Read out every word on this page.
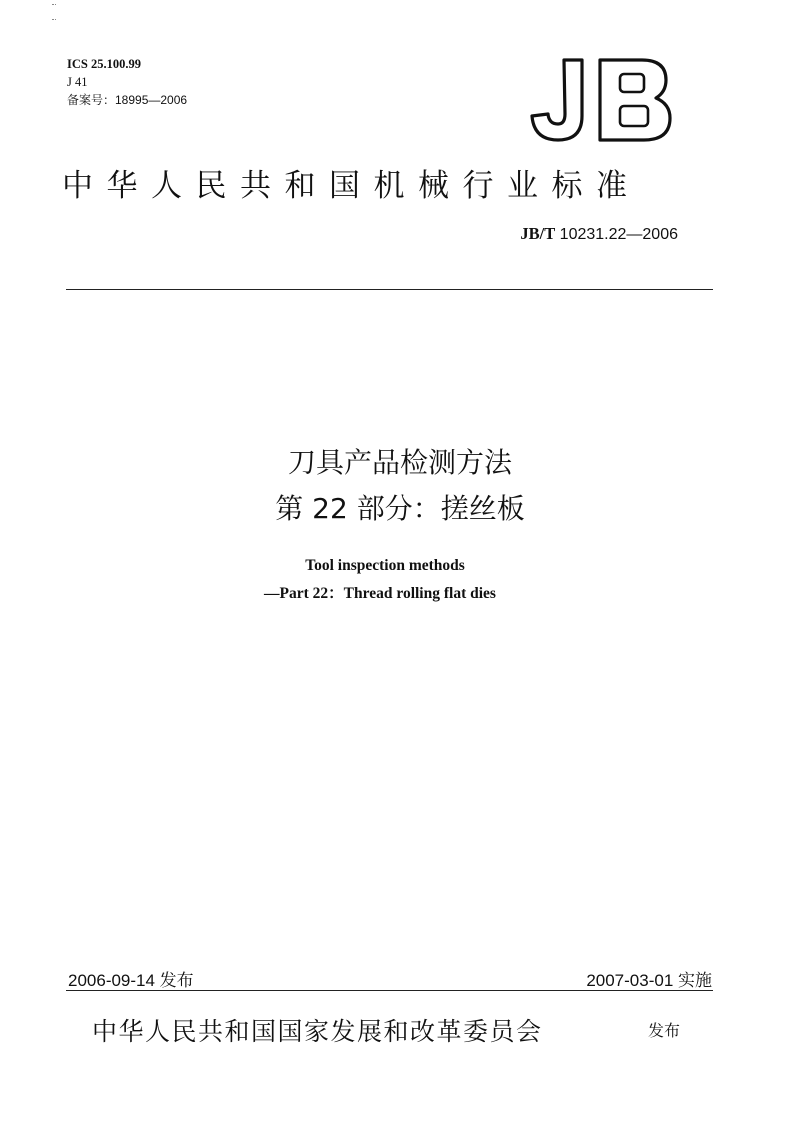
ICS 25.100.99
J 41
备案号：18995—2006
中华人民共和国机械行业标准
JB/T 10231.22—2006
刀具产品检测方法
第 22 部分：搓丝板
Tool inspection methods
—Part 22：Thread rolling flat dies
2006-09-14 发布	2007-03-01 实施
中华人民共和国国家发展和改革委员会	发布
